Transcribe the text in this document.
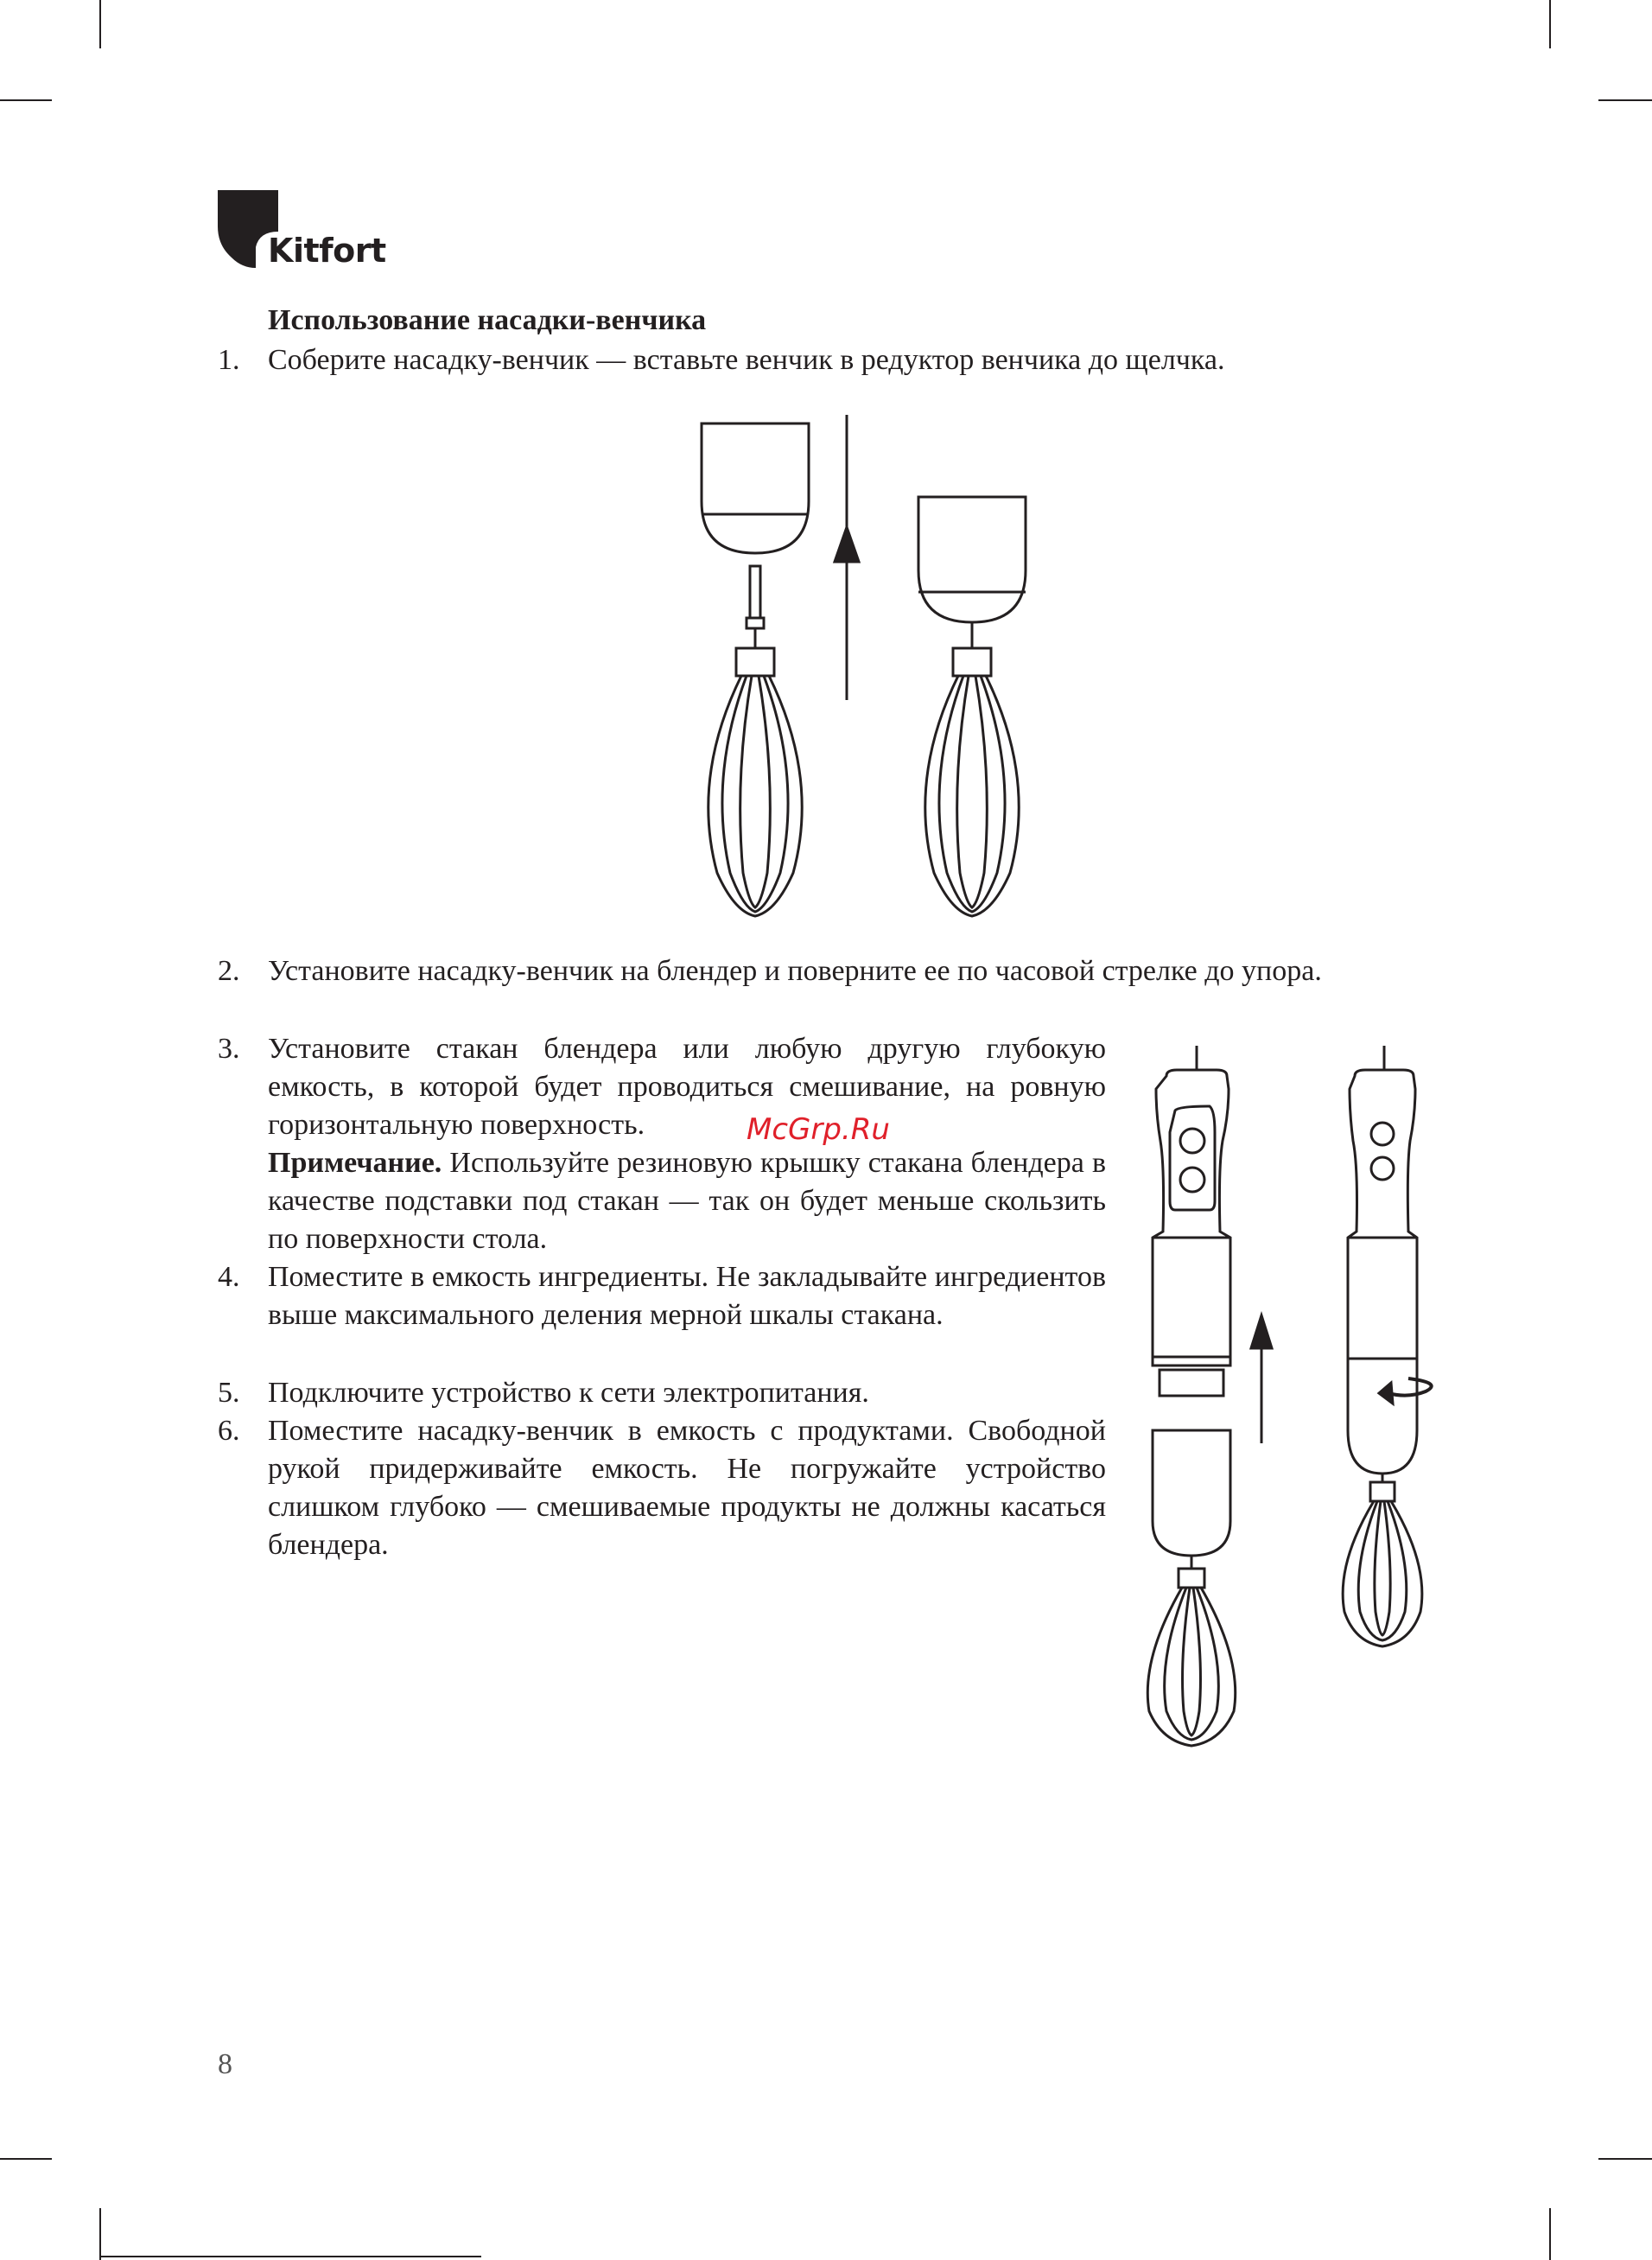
Kitfort
Использование насадки-венчика
1. Соберите насадку-венчик — вставьте венчик в редуктор венчика до щелчка.
2. Установите насадку-венчик на блендер и поверните ее по часовой стрелке до упора.
3. Установите стакан блендера или любую другую глубокую емкость, в которой будет проводиться смешивание, на ровную горизонтальную поверхность.
Примечание. Используйте резиновую крышку стакана блендера в качестве подставки под стакан — так он будет меньше скользить по поверхности стола.
4. Поместите в емкость ингредиенты. Не закладывайте ингредиентов выше максимального деления мерной шкалы стакана.
5. Подключите устройство к сети электропитания.
6. Поместите насадку-венчик в емкость с продуктами. Свободной рукой придерживайте емкость. Не погружайте устройство слишком глубоко — смешиваемые продукты не должны касаться блендера.
McGrp.Ru
8
